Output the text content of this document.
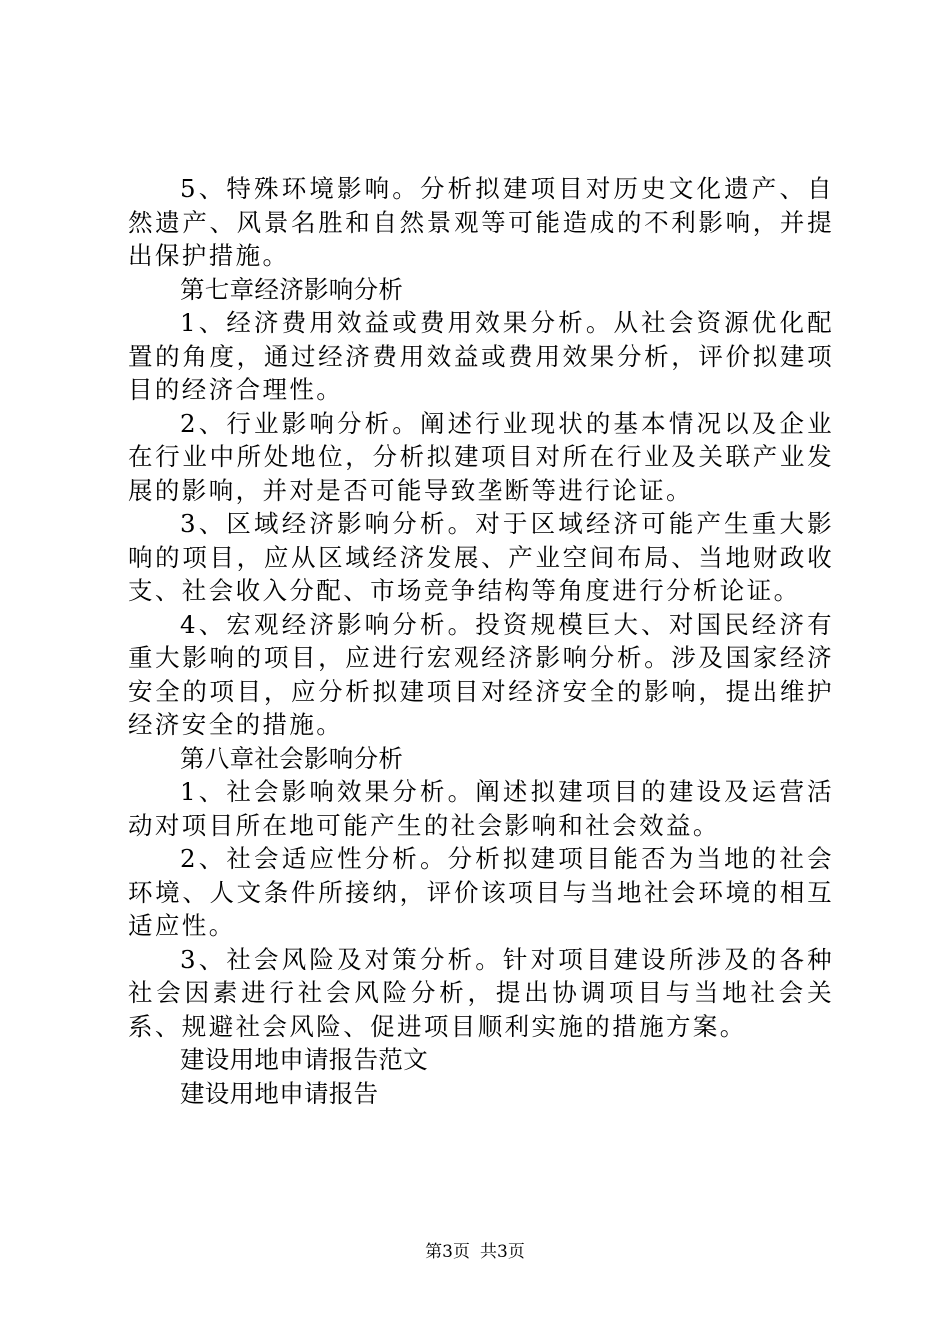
5、特殊环境影响。分析拟建项目对历史文化遗产、自然遗产、风景名胜和自然景观等可能造成的不利影响，并提出保护措施。

第七章经济影响分析

1、经济费用效益或费用效果分析。从社会资源优化配置的角度，通过经济费用效益或费用效果分析，评价拟建项目的经济合理性。

2、行业影响分析。阐述行业现状的基本情况以及企业在行业中所处地位，分析拟建项目对所在行业及关联产业发展的影响，并对是否可能导致垄断等进行论证。

3、区域经济影响分析。对于区域经济可能产生重大影响的项目，应从区域经济发展、产业空间布局、当地财政收支、社会收入分配、市场竞争结构等角度进行分析论证。

4、宏观经济影响分析。投资规模巨大、对国民经济有重大影响的项目，应进行宏观经济影响分析。涉及国家经济安全的项目，应分析拟建项目对经济安全的影响，提出维护经济安全的措施。

第八章社会影响分析

1、社会影响效果分析。阐述拟建项目的建设及运营活动对项目所在地可能产生的社会影响和社会效益。

2、社会适应性分析。分析拟建项目能否为当地的社会环境、人文条件所接纳，评价该项目与当地社会环境的相互适应性。

3、社会风险及对策分析。针对项目建设所涉及的各种社会因素进行社会风险分析，提出协调项目与当地社会关系、规避社会风险、促进项目顺利实施的措施方案。

建设用地申请报告范文

建设用地申请报告

第3页 共3页
